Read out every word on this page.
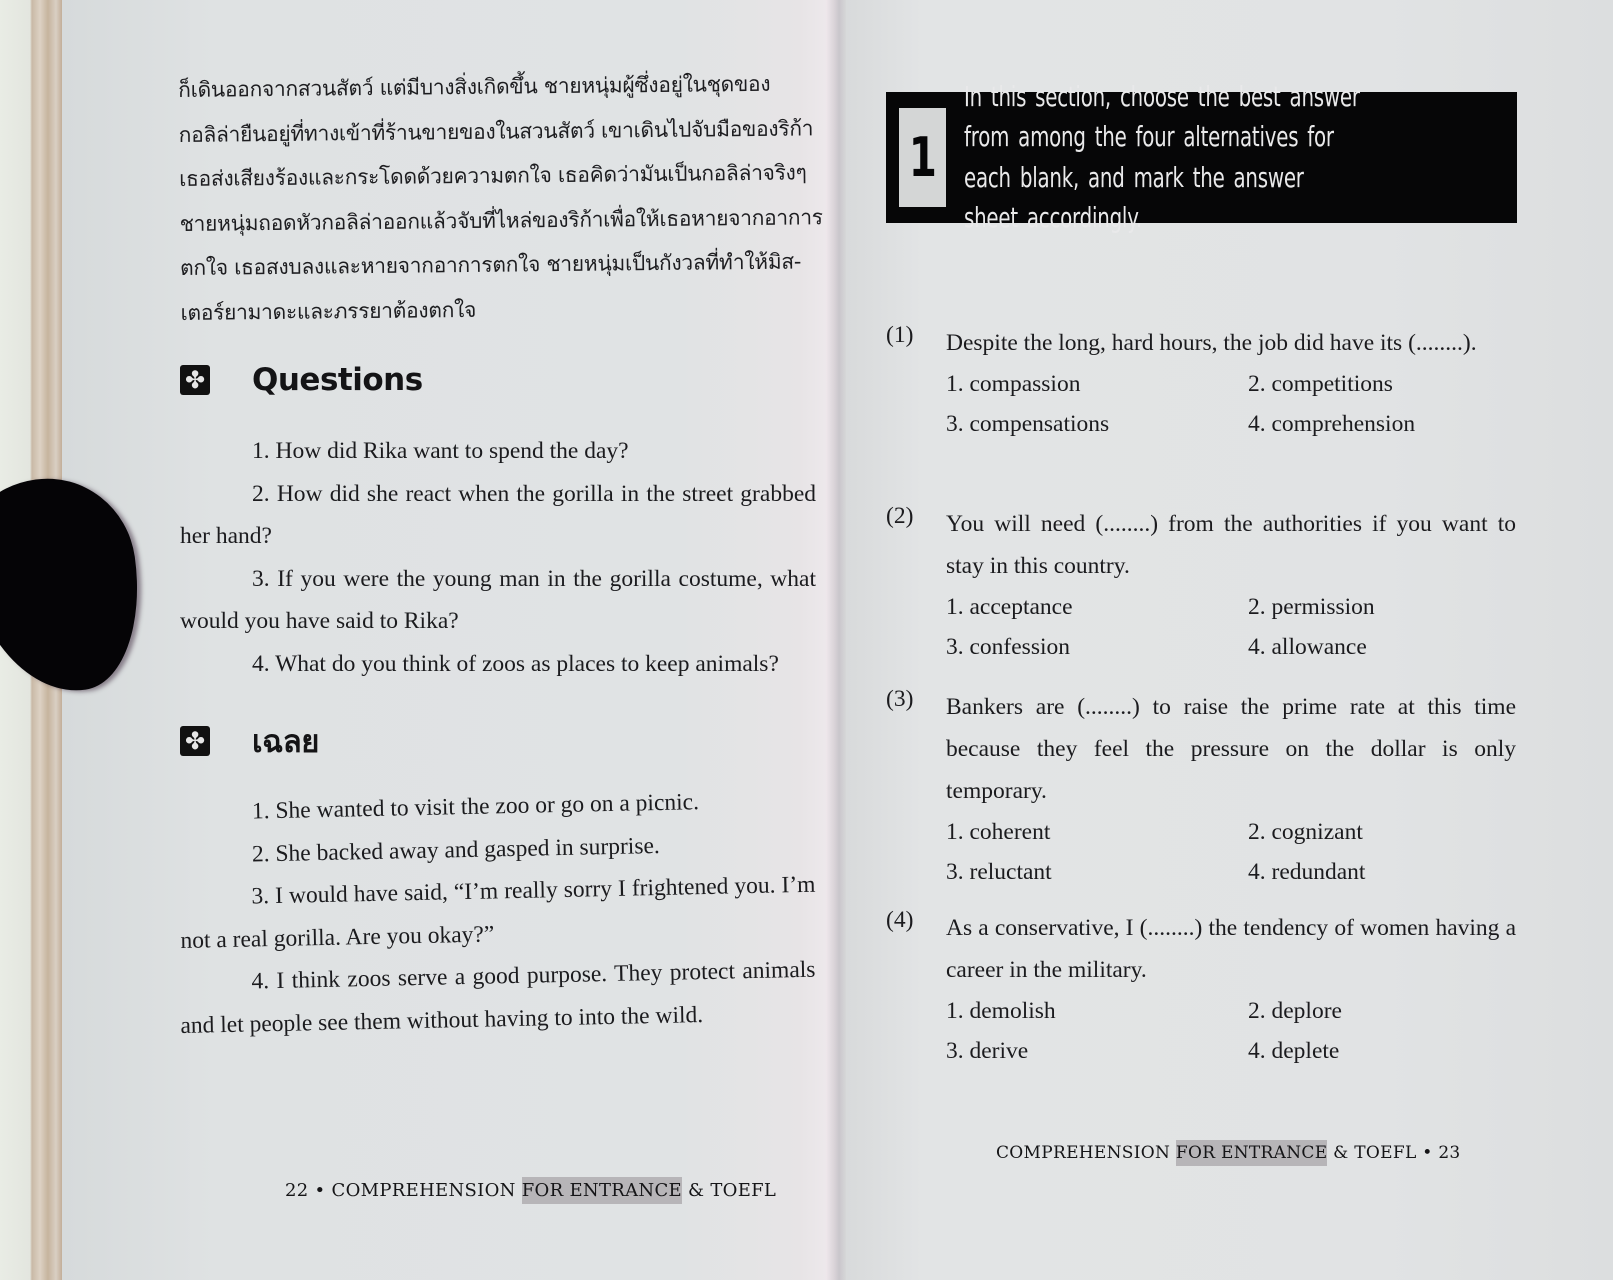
ก็เดินออกจากสวนสัตว์ แต่มีบางสิ่งเกิดขึ้น ชายหนุ่มผู้ซึ่งอยู่ในชุดของ
กอลิล่ายืนอยู่ที่ทางเข้าที่ร้านขายของในสวนสัตว์ เขาเดินไปจับมือของริก้า
เธอส่งเสียงร้องและกระโดดด้วยความตกใจ เธอคิดว่ามันเป็นกอลิล่าจริงๆ
ชายหนุ่มถอดหัวกอลิล่าออกแล้วจับที่ไหล่ของริก้าเพื่อให้เธอหายจากอาการ
ตกใจ เธอสงบลงและหายจากอาการตกใจ ชายหนุ่มเป็นกังวลที่ทำให้มิส-
เตอร์ยามาดะและภรรยาต้องตกใจ
✤ Questions
1. How did Rika want to spend the day?
2. How did she react when the gorilla in the street grabbed her hand?
3. If you were the young man in the gorilla costume, what would you have said to Rika?
4. What do you think of zoos as places to keep animals?
✤ เฉลย
1. She wanted to visit the zoo or go on a picnic.
2. She backed away and gasped in surprise.
3. I would have said, “I’m really sorry I frightened you. I’m not a real gorilla. Are you okay?”
4. I think zoos serve a good purpose. They protect animals and let people see them without having to into the wild.
22 • COMPREHENSION FOR ENTRANCE & TOEFL
1
In this section, choose the best answer from among the four alternatives for each blank, and mark the answer sheet accordingly.
(1)	Despite the long, hard hours, the job did have its (........).
1. compassion	2. competitions
3. compensations	4. comprehension
(2)	You will need (........) from the authorities if you want to stay in this country.
1. acceptance	2. permission
3. confession	4. allowance
(3)	Bankers are (........) to raise the prime rate at this time because they feel the pressure on the dollar is only temporary.
1. coherent	2. cognizant
3. reluctant	4. redundant
(4)	As a conservative, I (........) the tendency of women having a career in the military.
1. demolish	2. deplore
3. derive	4. deplete
COMPREHENSION FOR ENTRANCE & TOEFL • 23
